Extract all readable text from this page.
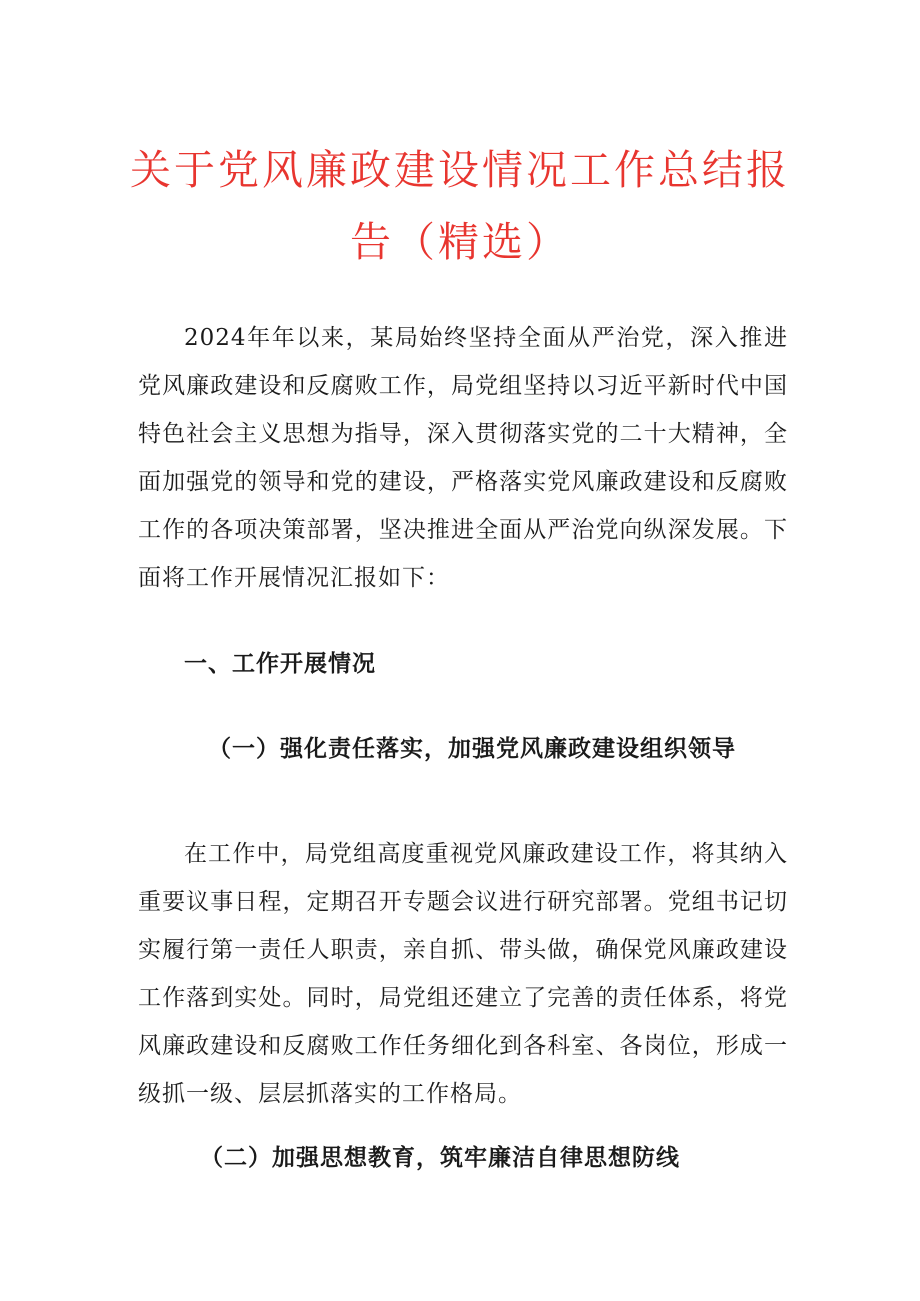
关于党风廉政建设情况工作总结报
告（精选）

2024年年以来，某局始终坚持全面从严治党，深入推进党风廉政建设和反腐败工作，局党组坚持以习近平新时代中国特色社会主义思想为指导，深入贯彻落实党的二十大精神，全面加强党的领导和党的建设，严格落实党风廉政建设和反腐败工作的各项决策部署，坚决推进全面从严治党向纵深发展。下面将工作开展情况汇报如下：

一、工作开展情况
（一）强化责任落实，加强党风廉政建设组织领导

在工作中，局党组高度重视党风廉政建设工作，将其纳入重要议事日程，定期召开专题会议进行研究部署。党组书记切实履行第一责任人职责，亲自抓、带头做，确保党风廉政建设工作落到实处。同时，局党组还建立了完善的责任体系，将党风廉政建设和反腐败工作任务细化到各科室、各岗位，形成一级抓一级、层层抓落实的工作格局。

（二）加强思想教育，筑牢廉洁自律思想防线
